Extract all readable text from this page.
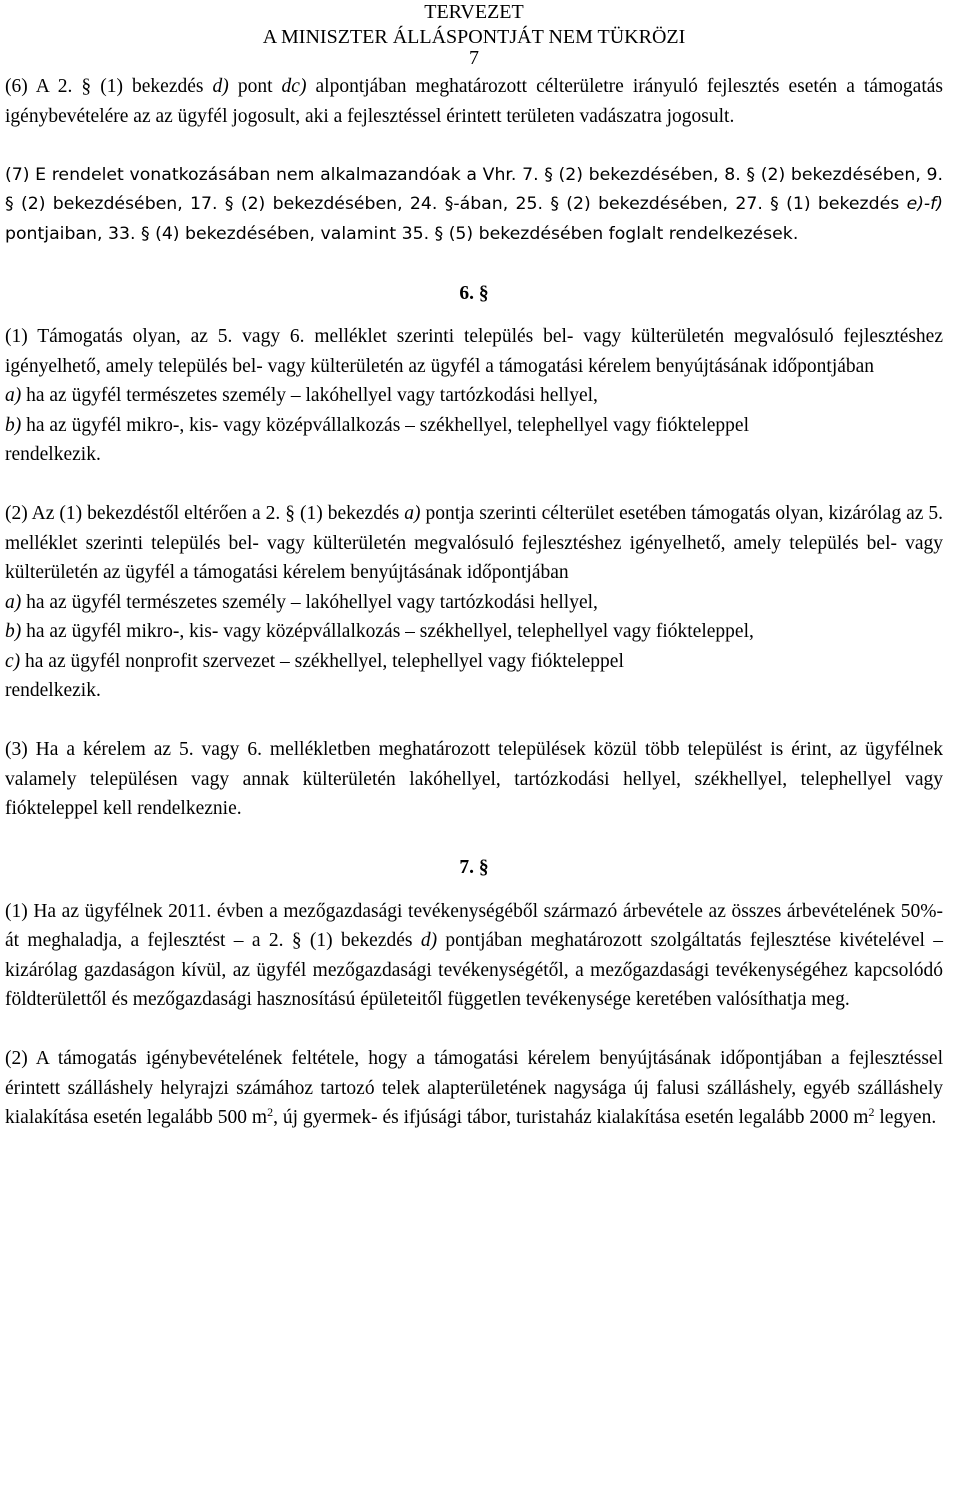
TERVEZET
A MINISZTER ÁLLÁSPONTJÁT NEM TÜKRÖZI
7

(6) A 2. § (1) bekezdés d) pont dc) alpontjában meghatározott célterületre irányuló fejlesztés esetén a támogatás igénybevételére az az ügyfél jogosult, aki a fejlesztéssel érintett területen vadászatra jogosult.

(7) E rendelet vonatkozásában nem alkalmazandóak a Vhr. 7. § (2) bekezdésében, 8. § (2) bekezdésében, 9. § (2) bekezdésében, 17. § (2) bekezdésében, 24. §-ában, 25. § (2) bekezdésében, 27. § (1) bekezdés e)-f) pontjaiban, 33. § (4) bekezdésében, valamint 35. § (5) bekezdésében foglalt rendelkezések.

6. §

(1) Támogatás olyan, az 5. vagy 6. melléklet szerinti település bel- vagy külterületén megvalósuló fejlesztéshez igényelhető, amely település bel- vagy külterületén az ügyfél a támogatási kérelem benyújtásának időpontjában

a) ha az ügyfél természetes személy – lakóhellyel vagy tartózkodási hellyel,

b) ha az ügyfél mikro-, kis- vagy középvállalkozás – székhellyel, telephellyel vagy fiókteleppel

rendelkezik.

(2) Az (1) bekezdéstől eltérően a 2. § (1) bekezdés a) pontja szerinti célterület esetében támogatás olyan, kizárólag az 5. melléklet szerinti település bel- vagy külterületén megvalósuló fejlesztéshez igényelhető, amely település bel- vagy külterületén az ügyfél a támogatási kérelem benyújtásának időpontjában

a) ha az ügyfél természetes személy – lakóhellyel vagy tartózkodási hellyel,

b) ha az ügyfél mikro-, kis- vagy középvállalkozás – székhellyel, telephellyel vagy fiókteleppel,

c) ha az ügyfél nonprofit szervezet – székhellyel, telephellyel vagy fiókteleppel

rendelkezik.

(3) Ha a kérelem az 5. vagy 6. mellékletben meghatározott települések közül több települést is érint, az ügyfélnek valamely településen vagy annak külterületén lakóhellyel, tartózkodási hellyel, székhellyel, telephellyel vagy fiókteleppel kell rendelkeznie.

7. §

(1) Ha az ügyfélnek 2011. évben a mezőgazdasági tevékenységéből származó árbevétele az összes árbevételének 50%-át meghaladja, a fejlesztést – a 2. § (1) bekezdés d) pontjában meghatározott szolgáltatás fejlesztése kivételével – kizárólag gazdaságon kívül, az ügyfél mezőgazdasági tevékenységétől, a mezőgazdasági tevékenységéhez kapcsolódó földterülettől és mezőgazdasági hasznosítású épületeitől független tevékenysége keretében valósíthatja meg.

(2) A támogatás igénybevételének feltétele, hogy a támogatási kérelem benyújtásának időpontjában a fejlesztéssel érintett szálláshely helyrajzi számához tartozó telek alapterületének nagysága új falusi szálláshely, egyéb szálláshely kialakítása esetén legalább 500 $m^2$, új gyermek- és ifjúsági tábor, turistaház kialakítása esetén legalább 2000 $m^2$ legyen.
